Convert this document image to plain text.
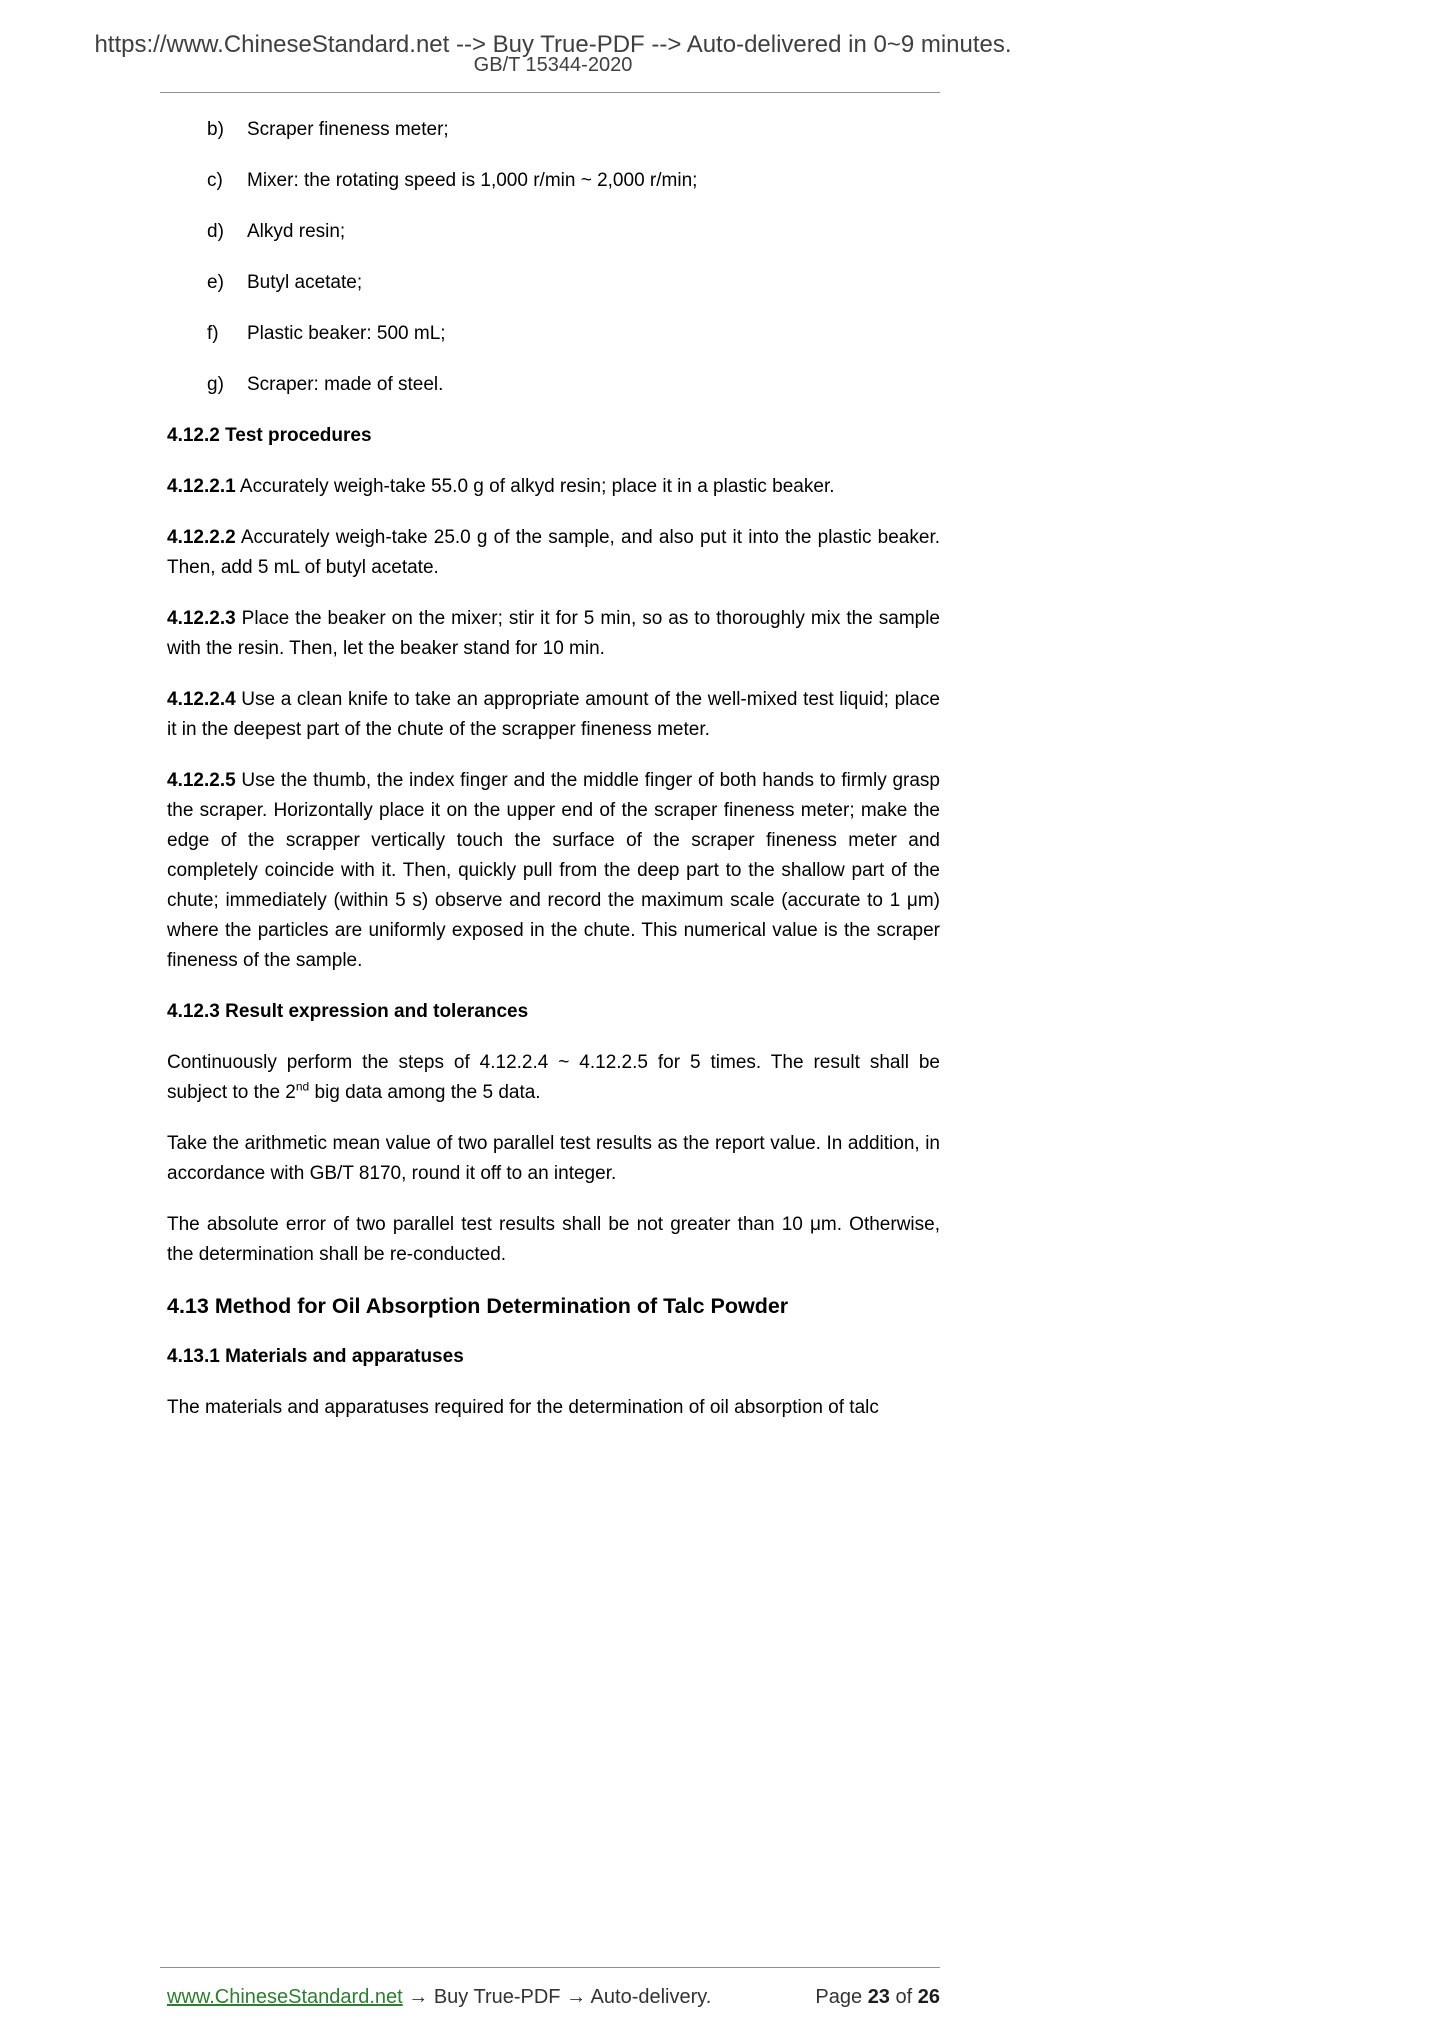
https://www.ChineseStandard.net --> Buy True-PDF --> Auto-delivered in 0~9 minutes.
GB/T 15344-2020
b) Scraper fineness meter;
c) Mixer: the rotating speed is 1,000 r/min ~ 2,000 r/min;
d) Alkyd resin;
e) Butyl acetate;
f) Plastic beaker: 500 mL;
g) Scraper: made of steel.
4.12.2 Test procedures

4.12.2.1 Accurately weigh-take 55.0 g of alkyd resin; place it in a plastic beaker.

4.12.2.2 Accurately weigh-take 25.0 g of the sample, and also put it into the plastic beaker. Then, add 5 mL of butyl acetate.

4.12.2.3 Place the beaker on the mixer; stir it for 5 min, so as to thoroughly mix the sample with the resin. Then, let the beaker stand for 10 min.

4.12.2.4 Use a clean knife to take an appropriate amount of the well-mixed test liquid; place it in the deepest part of the chute of the scrapper fineness meter.

4.12.2.5 Use the thumb, the index finger and the middle finger of both hands to firmly grasp the scraper. Horizontally place it on the upper end of the scraper fineness meter; make the edge of the scrapper vertically touch the surface of the scraper fineness meter and completely coincide with it. Then, quickly pull from the deep part to the shallow part of the chute; immediately (within 5 s) observe and record the maximum scale (accurate to 1 μm) where the particles are uniformly exposed in the chute. This numerical value is the scraper fineness of the sample.

4.12.3 Result expression and tolerances

Continuously perform the steps of 4.12.2.4 ~ 4.12.2.5 for 5 times. The result shall be subject to the 2nd big data among the 5 data.

Take the arithmetic mean value of two parallel test results as the report value. In addition, in accordance with GB/T 8170, round it off to an integer.

The absolute error of two parallel test results shall be not greater than 10 μm. Otherwise, the determination shall be re-conducted.

4.13 Method for Oil Absorption Determination of Talc Powder
4.13.1 Materials and apparatuses

The materials and apparatuses required for the determination of oil absorption of talc

www.ChineseStandard.net → Buy True-PDF → Auto-delivery.	Page 23 of 26
